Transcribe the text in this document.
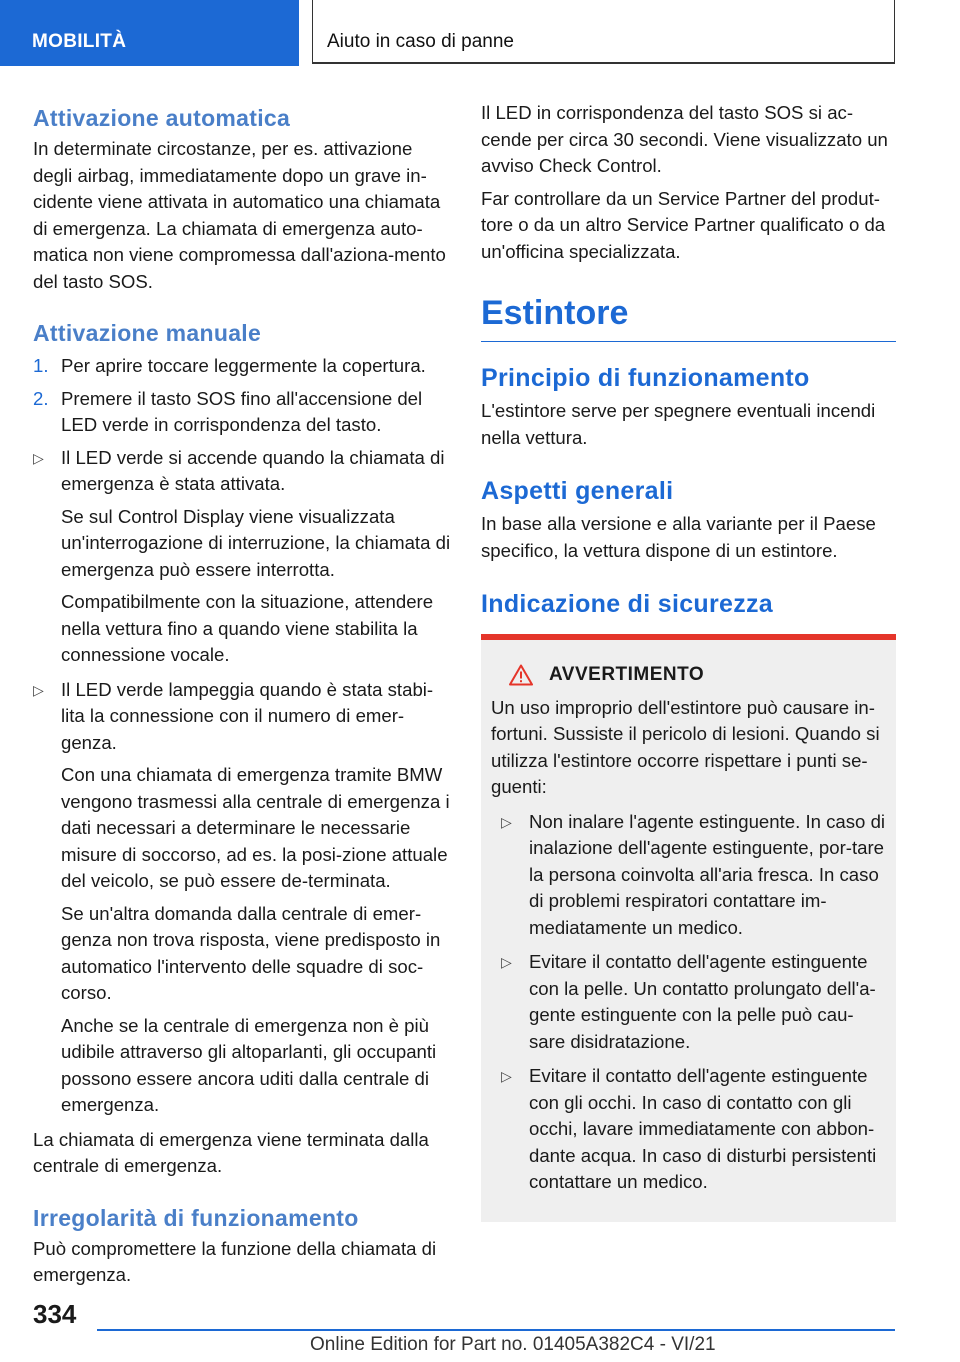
MOBILITÀ	Aiuto in caso di panne
Attivazione automatica

In determinate circostanze, per es. attivazione degli airbag, immediatamente dopo un grave in-cidente viene attivata in automatico una chiamata di emergenza. La chiamata di emergenza auto-matica non viene compromessa dall'aziona-mento del tasto SOS.

Attivazione manuale
1. Per aprire toccare leggermente la copertura.
2. Premere il tasto SOS fino all'accensione del LED verde in corrispondenza del tasto.
▷ Il LED verde si accende quando la chiamata di emergenza è stata attivata.

Se sul Control Display viene visualizzata un'interrogazione di interruzione, la chiamata di emergenza può essere interrotta.

Compatibilmente con la situazione, attendere nella vettura fino a quando viene stabilita la connessione vocale.

▷ Il LED verde lampeggia quando è stata stabi-lita la connessione con il numero di emer-genza.

Con una chiamata di emergenza tramite BMW vengono trasmessi alla centrale di emergenza i dati necessari a determinare le necessarie misure di soccorso, ad es. la posi-zione attuale del veicolo, se può essere de-terminata.

Se un'altra domanda dalla centrale di emer-genza non trova risposta, viene predisposto in automatico l'intervento delle squadre di soc-corso.

Anche se la centrale di emergenza non è più udibile attraverso gli altoparlanti, gli occupanti possono essere ancora uditi dalla centrale di emergenza.

La chiamata di emergenza viene terminata dalla centrale di emergenza.

Irregolarità di funzionamento

Può compromettere la funzione della chiamata di emergenza.

Il LED in corrispondenza del tasto SOS si ac-cende per circa 30 secondi. Viene visualizzato un avviso Check Control.

Far controllare da un Service Partner del produt-tore o da un altro Service Partner qualificato o da un'officina specializzata.

Estintore
Principio di funzionamento

L'estintore serve per spegnere eventuali incendi nella vettura.

Aspetti generali

In base alla versione e alla variante per il Paese specifico, la vettura dispone di un estintore.

Indicazione di sicurezza
AVVERTIMENTO

Un uso improprio dell'estintore può causare in-fortuni. Sussiste il pericolo di lesioni. Quando si utilizza l'estintore occorre rispettare i punti se-guenti:

▷ Non inalare l'agente estinguente. In caso di inalazione dell'agente estinguente, por-tare la persona coinvolta all'aria fresca. In caso di problemi respiratori contattare im-mediatamente un medico.
▷ Evitare il contatto dell'agente estinguente con la pelle. Un contatto prolungato dell'a-gente estinguente con la pelle può cau-sare disidratazione.
▷ Evitare il contatto dell'agente estinguente con gli occhi. In caso di contatto con gli occhi, lavare immediatamente con abbon-dante acqua. In caso di disturbi persistenti contattare un medico.
334
Online Edition for Part no. 01405A382C4 - VI/21
